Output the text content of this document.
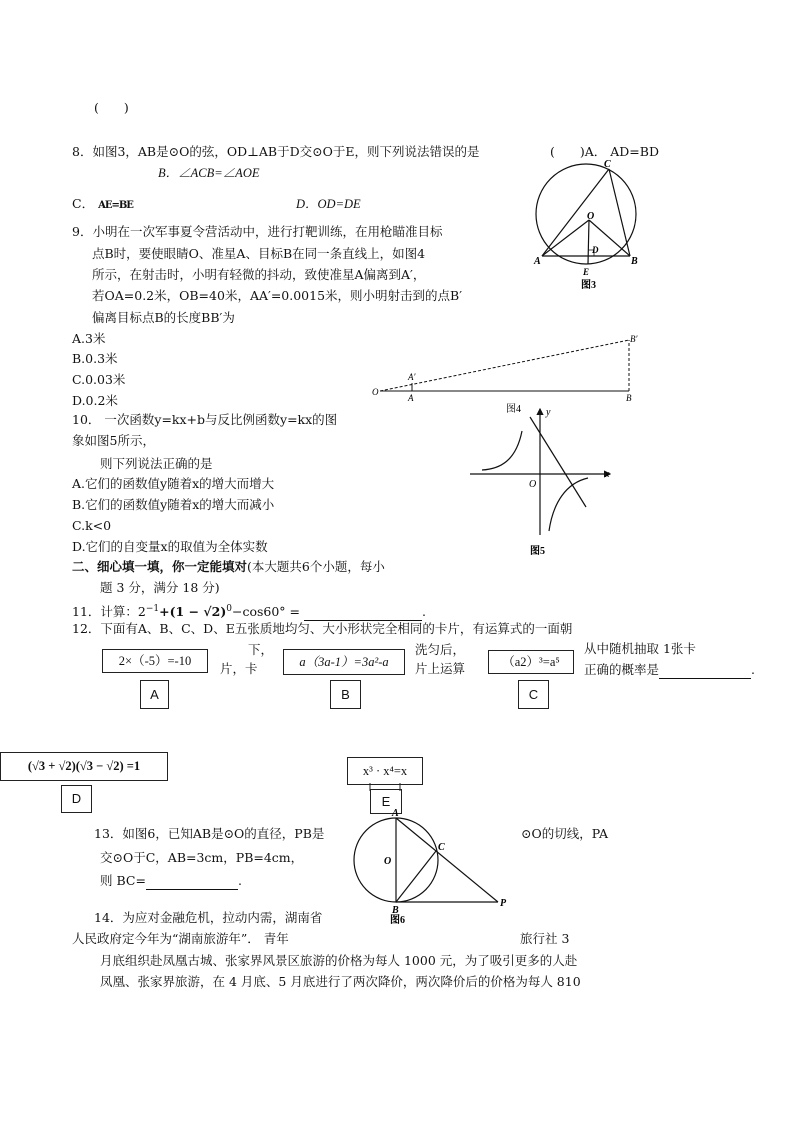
(　　)
8．如图3，AB是⊙O的弦，OD⊥AB于D交⊙O于E，则下列说法错误的是	(　　)A． AD=BD
B．∠ACB=∠AOE
C． AE=BE	D．OD=DE
9．小明在一次军事夏令营活动中，进行打靶训练，在用枪瞄准目标
点B时，要使眼睛O、准星A、目标B在同一条直线上，如图4
所示，在射击时，小明有轻微的抖动，致使准星A偏离到A′，
若OA=0.2米，OB=40米，AA′=0.0015米，则小明射击到的点B′
偏离目标点B的长度BB′为
A.3米
B.0.3米
C.0.03米
D.0.2米
10． 一次函数y=kx+b与反比例函数y=kx的图
象如图5所示，
则下列说法正确的是
A.它们的函数值y随着x的增大而增大
B.它们的函数值y随着x的增大而减小
C.k<0
D.它们的自变量x的取值为全体实数
二、细心填一填，你一定能填对(本大题共6个小题，每小
题 3 分，满分 18 分)
11．计算：$2^{-1}+(1 - √2)^0-\cos 60^\circ$ =	.
12．下面有A、B、C、D、E五张质地均匀、大小形状完全相同的卡片，有运算式的一面朝
2×（-5）=-10
A
下，
片，卡	a（3a-1）=3a²-a
B
洗匀后，
片上运算	（a2）³=a⁵
C
从中随机抽取 1张卡
正确的概率是	.
(√3 + √2)(√3 − √2) =1
D
x³ · x⁴=x
E
13．如图6，已知AB是⊙O的直径，PB是	⊙O的切线，PA
交⊙O于C，AB=3cm，PB=4cm，
则 BC=	.
14．为应对金融危机，拉动内需，湖南省
人民政府定今年为“湖南旅游年”． 青年	旅行社 3
月底组织赴凤凰古城、张家界风景区旅游的价格为每人 1000 元，为了吸引更多的人赴
凤凰、张家界旅游，在 4 月底、5 月底进行了两次降价，两次降价后的价格为每人 810
C
O
D
A	B
E
图3
O
A′
A	B
B′
图4
x
y
O
图5
A
O
C
B
P
图6
